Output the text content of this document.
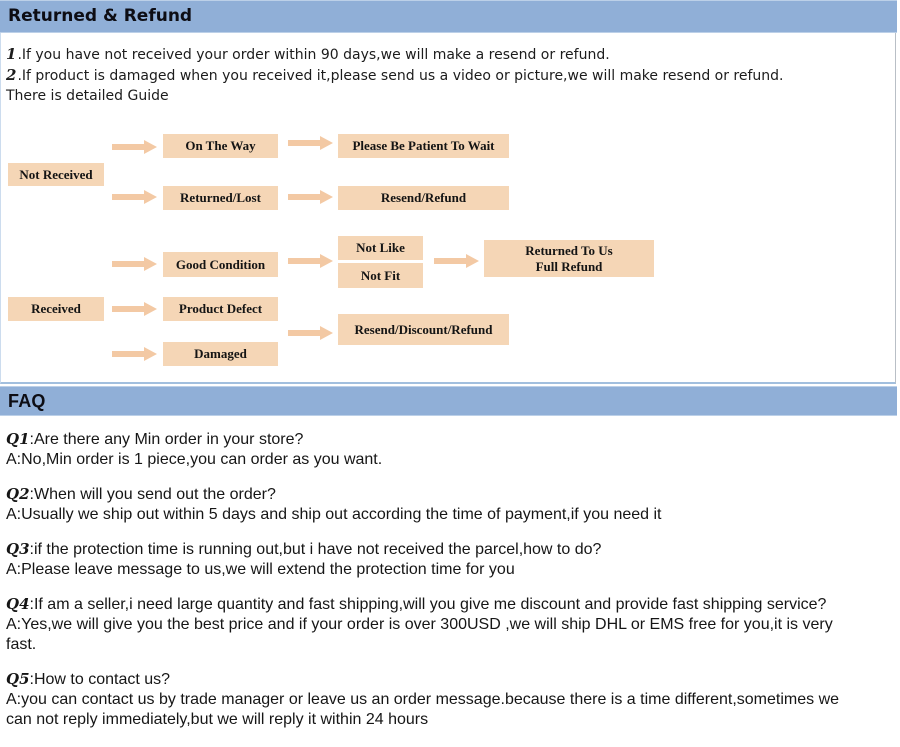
Returned & Refund
1.If you have not received your order within 90 days,we will make a resend or refund.
2.If product is damaged when you received it,please send us a video or picture,we will make resend or refund.
There is detailed Guide
Not Received
On The Way	Please Be Patient To Wait
Returned/Lost	Resend/Refund
Not Like
Good Condition
Not Fit
Returned To Us
Full Refund
Received	Product Defect
Resend/Discount/Refund
Damaged
FAQ

Q1:Are there any Min order in your store?

A:No,Min order is 1 piece,you can order as you want.

Q2:When will you send out the order?

A:Usually we ship out within 5 days and ship out according the time of payment,if you need it

Q3:if the protection time is running out,but i have not received the parcel,how to do?

A:Please leave message to us,we will extend the protection time for you

Q4:If am a seller,i need large quantity and fast shipping,will you give me discount and provide fast shipping service?

A:Yes,we will give you the best price and if your order is over 300USD ,we will ship DHL or EMS free for you,it is very fast.

Q5:How to contact us?

A:you can contact us by trade manager or leave us an order message.because there is a time different,sometimes we can not reply immediately,but we will reply it within 24 hours
